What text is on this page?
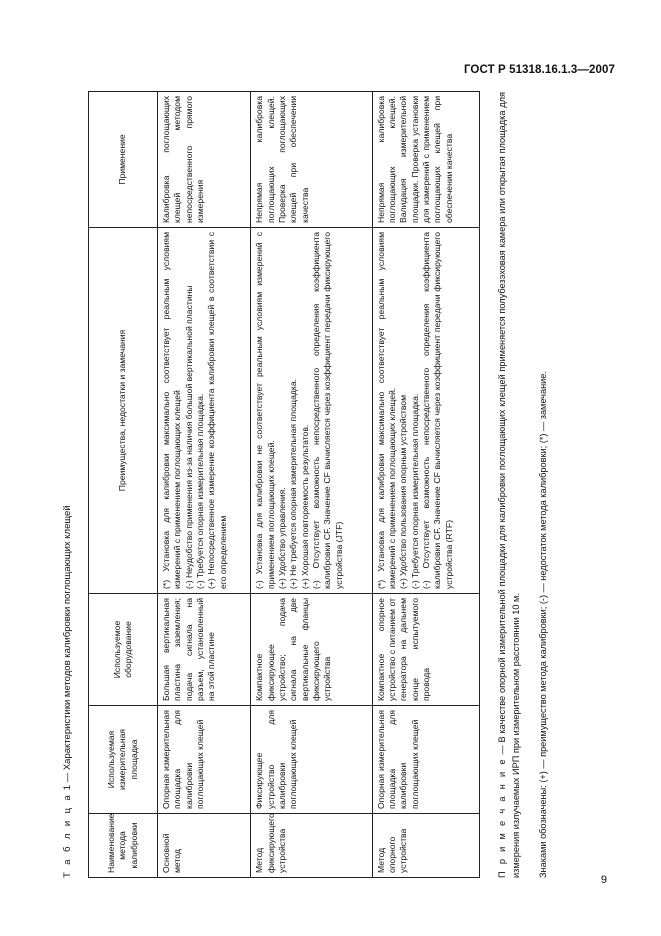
ГОСТ Р 51318.16.1.3—2007
Т а б л и ц а 1 — Характеристики методов калибровки поглощающих клещей
Наименование метода калибровки	Используемая измерительная площадка	Используемое оборудование	Преимущества, недостатки и замечания	Применение
Основной метод	Опорная измерительная площадка для калибровки поглощающих клещей	Большая вертикальная пластина заземления; подача сигнала на разъем, установленный на этой пластине	(*) Установка для калибровки максимально соответствует реальным условиям измерений с применением поглощающих клещей (-) Неудобство применения из-за наличия большой вертикальной пластины (-) Требуется опорная измерительная площадка. (+) Непосредственное измерение коэффициента калибровки клещей в соответствии с его определением	Калибровка поглощающих клещей методом непосредственного прямого измерения
Метод фиксирующего устройства	Фиксирующее устройство для калибровки поглощающих клещей	Компактное фиксирующее устройство; подача сигнала на две вертикальные фланцы фиксирующего устройства	(-) Установка для калибровки не соответствует реальным условиям измерений с применением поглощающих клещей. (+) Удобство управления. (+) Не требуется опорная измерительная площадка. (+) Хорошая повторяемость результатов. (-) Отсутствует возможность непосредственного определения коэффициента калибровки CF. Значение CF вычисляется через коэффициент передачи фиксирующего устройства (JTF)	Непрямая калибровка поглощающих клещей. Проверка поглощающих клещей при обеспечении качества
Метод опорного устройства	Опорная измерительная площадка для калибровки поглощающих клещей	Компактное опорное устройство с питанием от генератора на дальнем конце испытуемого провода	(*) Установка для калибровки максимально соответствует реальным условиям измерений с применением поглощающих клещей. (+) Удобство пользования опорным устройством (-) Требуется опорная измерительная площадка. (-) Отсутствует возможность непосредственного определения коэффициента калибровки CF. Значение CF вычисляется через коэффициент передачи фиксирующего устройства (RTF)	Непрямая калибровка поглощающих клещей. Валидация измерительной площадки. Проверка установки для измерений с применением поглощающих клещей при обеспечении качества
П р и м е ч а н и е — В качестве опорной измерительной площадки для калибровки поглощающих клещей применяется полубезэховая камера или открытая площадка для измерения излучаемых ИРП при измерительном расстоянии 10 м.	Знаками обозначены: (+) — преимущество метода калибровки; (-) — недостаток метода калибровки; (*) — замечание.
9
